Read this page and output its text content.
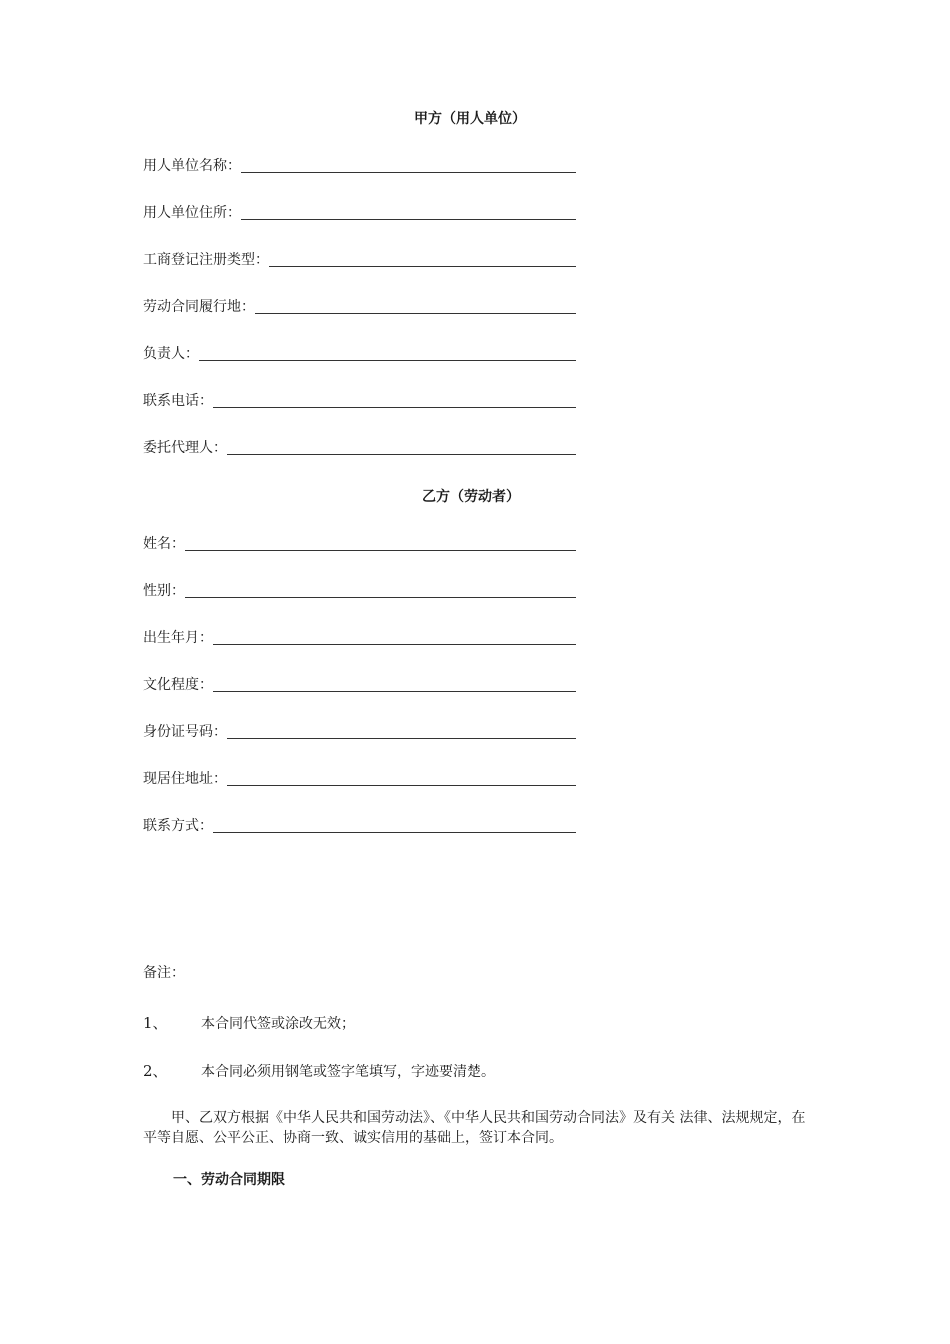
甲方（用人单位）
用人单位名称：
用人单位住所：
工商登记注册类型：
劳动合同履行地：
负责人：
联系电话：
委托代理人：
乙方（劳动者）
姓名：
性别：
出生年月：
文化程度：
身份证号码：
现居住地址：
联系方式：
备注：
1、 本合同代签或涂改无效；
2、 本合同必须用钢笔或签字笔填写，字迹要清楚。
甲、乙双方根据《中华人民共和国劳动法》、《中华人民共和国劳动合同法》及有关 法律、法规规定，在平等自愿、公平公正、协商一致、诚实信用的基础上，签订本合同。
一、劳动合同期限
